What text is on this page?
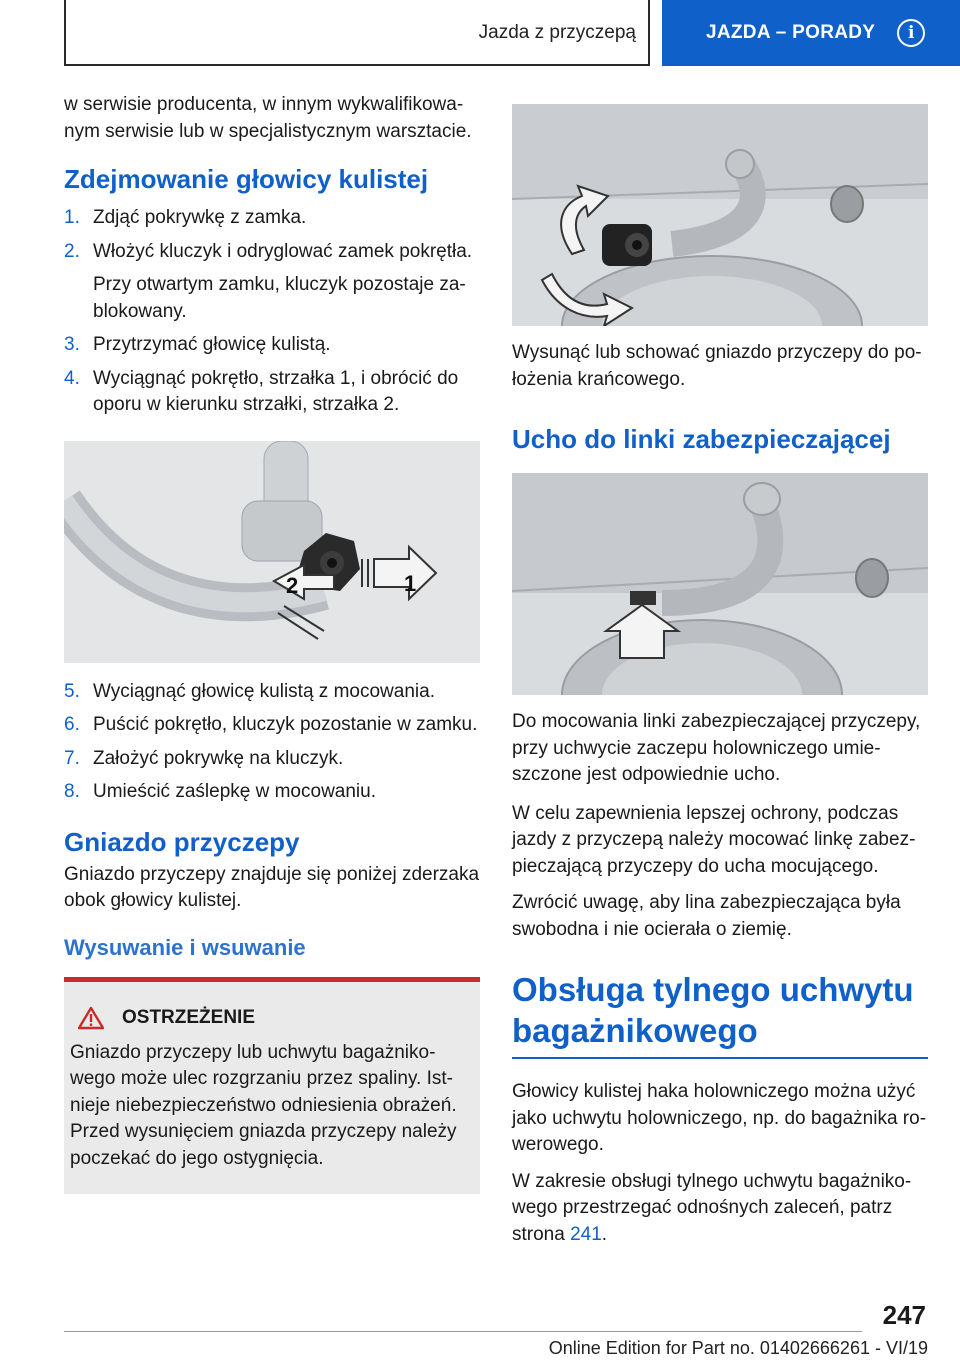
Jazda z przyczepą	JAZDA – PORADY	i

w serwisie producenta, w innym wykwalifikowanym serwisie lub w specjalistycznym warsztacie.

Zdejmowanie głowicy kulistej
1. Zdjąć pokrywkę z zamka.
2. Włożyć kluczyk i odryglować zamek pokrętła.
Przy otwartym zamku, kluczyk pozostaje zablokowany.
3. Przytrzymać głowicę kulistą.
4. Wyciągnąć pokrętło, strzałka 1, i obrócić do oporu w kierunku strzałki, strzałka 2.
2	1
5. Wyciągnąć głowicę kulistą z mocowania.
6. Puścić pokrętło, kluczyk pozostanie w zamku.
7. Założyć pokrywkę na kluczyk.
8. Umieścić zaślepkę w mocowaniu.
Gniazdo przyczepy

Gniazdo przyczepy znajduje się poniżej zderzaka obok głowicy kulistej.

Wysuwanie i wsuwanie
OSTRZEŻENIE

Gniazdo przyczepy lub uchwytu bagażnikowego może ulec rozgrzaniu przez spaliny. Istnieje niebezpieczeństwo odniesienia obrażeń. Przed wysunięciem gniazda przyczepy należy poczekać do jego ostygnięcia.

Wysunąć lub schować gniazdo przyczepy do położenia krańcowego.

Ucho do linki zabezpieczającej

Do mocowania linki zabezpieczającej przyczepy, przy uchwycie zaczepu holowniczego umieszczone jest odpowiednie ucho.

W celu zapewnienia lepszej ochrony, podczas jazdy z przyczepą należy mocować linkę zabezpieczającą przyczepy do ucha mocującego.

Zwrócić uwagę, aby lina zabezpieczająca była swobodna i nie ocierała o ziemię.

Obsługa tylnego uchwytu bagażnikowego

Głowicy kulistej haka holowniczego można użyć jako uchwytu holowniczego, np. do bagażnika rowerowego.

W zakresie obsługi tylnego uchwytu bagażnikowego przestrzegać odnośnych zaleceń, patrz strona 241.

247
Online Edition for Part no. 01402666261 - VI/19
